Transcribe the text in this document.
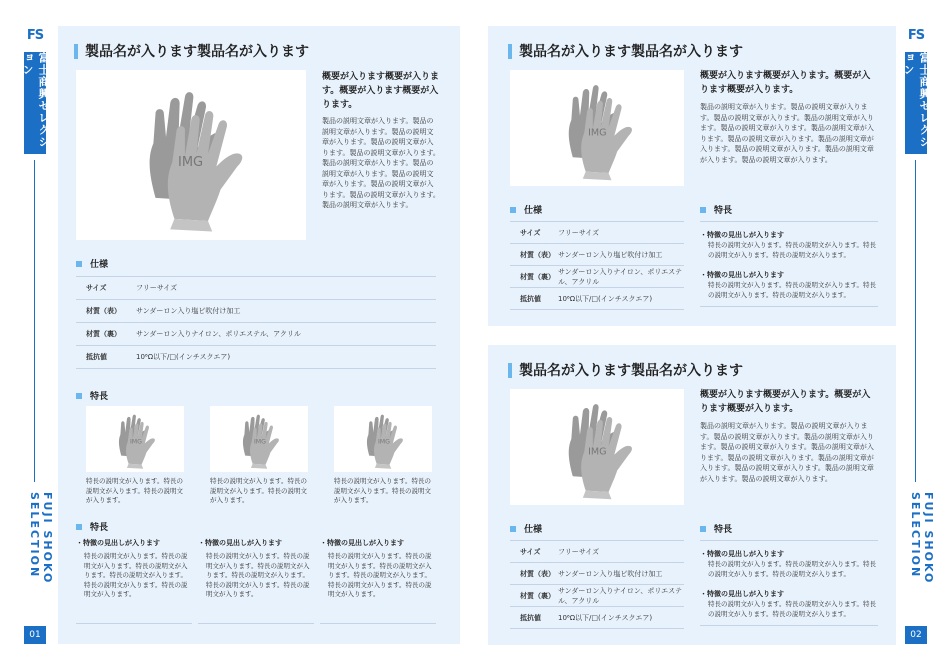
FS
富士商興セレクション
FUJI SHOKO SELECTION
01
製品名が入ります製品名が入ります
IMG
概要が入ります概要が入ります。概要が入ります概要が入ります。
製品の説明文章が入ります。製品の説明文章が入ります。製品の説明文章が入ります。製品の説明文章が入ります。製品の説明文章が入ります。製品の説明文章が入ります。製品の説明文章が入ります。製品の説明文章が入ります。製品の説明文章が入ります。製品の説明文章が入ります。製品の説明文章が入ります。
仕様
サイズ	フリーサイズ
材質（表）	サンダーロン入り塩ビ吹付け加工
材質（裏）	サンダーロン入りナイロン、ポリエステル、アクリル
抵抗値	10⁶Ω以下/□(インチスクエア)
特長
IMG
特長の説明文が入ります。特長の説明文が入ります。特長の説明文が入ります。
IMG
特長の説明文が入ります。特長の説明文が入ります。特長の説明文が入ります。
IMG
特長の説明文が入ります。特長の説明文が入ります。特長の説明文が入ります。
特長
・特徴の見出しが入ります
特長の説明文が入ります。特長の説明文が入ります。特長の説明文が入ります。特長の説明文が入ります。特長の説明文が入ります。特長の説明文が入ります。
・特徴の見出しが入ります
特長の説明文が入ります。特長の説明文が入ります。特長の説明文が入ります。特長の説明文が入ります。特長の説明文が入ります。特長の説明文が入ります。
・特徴の見出しが入ります
特長の説明文が入ります。特長の説明文が入ります。特長の説明文が入ります。特長の説明文が入ります。特長の説明文が入ります。特長の説明文が入ります。
FS
富士商興セレクション
FUJI SHOKO SELECTION
02
製品名が入ります製品名が入ります
IMG
概要が入ります概要が入ります。概要が入ります概要が入ります。
製品の説明文章が入ります。製品の説明文章が入ります。製品の説明文章が入ります。製品の説明文章が入ります。製品の説明文章が入ります。製品の説明文章が入ります。製品の説明文章が入ります。製品の説明文章が入ります。製品の説明文章が入ります。製品の説明文章が入ります。製品の説明文章が入ります。
仕様
サイズ	フリーサイズ
材質（表）	サンダーロン入り塩ビ吹付け加工
材質（裏）	サンダーロン入りナイロン、ポリエステル、アクリル
抵抗値	10⁶Ω以下/□(インチスクエア)
特長
・特徴の見出しが入ります
特長の説明文が入ります。特長の説明文が入ります。特長の説明文が入ります。特長の説明文が入ります。
・特徴の見出しが入ります
特長の説明文が入ります。特長の説明文が入ります。特長の説明文が入ります。特長の説明文が入ります。
製品名が入ります製品名が入ります
IMG
概要が入ります概要が入ります。概要が入ります概要が入ります。
製品の説明文章が入ります。製品の説明文章が入ります。製品の説明文章が入ります。製品の説明文章が入ります。製品の説明文章が入ります。製品の説明文章が入ります。製品の説明文章が入ります。製品の説明文章が入ります。製品の説明文章が入ります。製品の説明文章が入ります。製品の説明文章が入ります。
仕様
サイズ	フリーサイズ
材質（表）	サンダーロン入り塩ビ吹付け加工
材質（裏）	サンダーロン入りナイロン、ポリエステル、アクリル
抵抗値	10⁶Ω以下/□(インチスクエア)
特長
・特徴の見出しが入ります
特長の説明文が入ります。特長の説明文が入ります。特長の説明文が入ります。特長の説明文が入ります。
・特徴の見出しが入ります
特長の説明文が入ります。特長の説明文が入ります。特長の説明文が入ります。特長の説明文が入ります。
